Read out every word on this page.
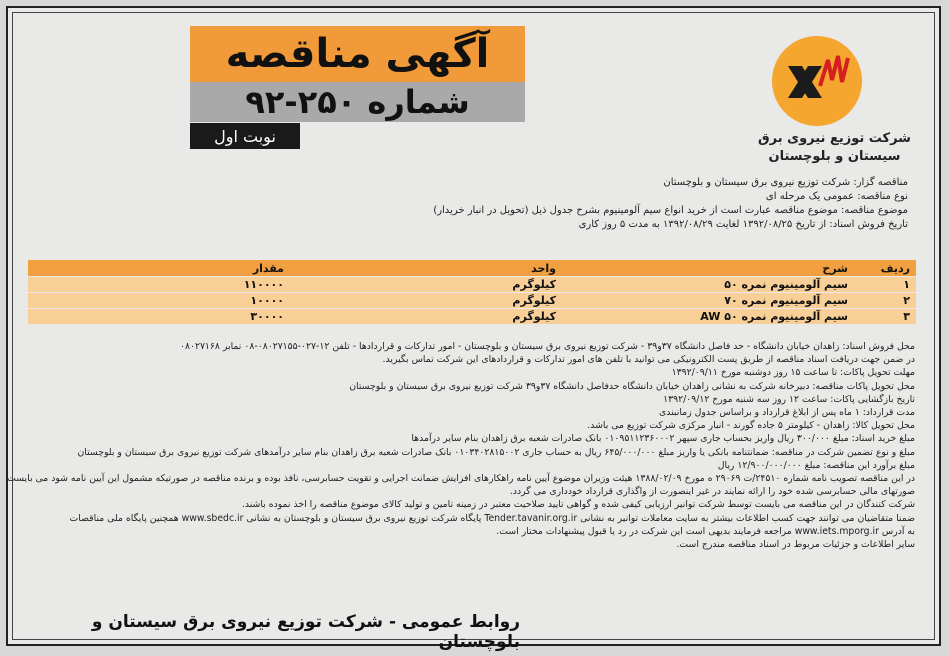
آگهی مناقصه
شماره ۲۵۰-۹۲
نوبت اول	شرکت توزیع نیروی برق
سیستان و بلوچستان
مناقصه گزار: شرکت توزیع نیروی برق سیستان و بلوچستان
نوع مناقصه: عمومی یک مرحله ای
موضوع مناقصه: موضوع مناقصه عبارت است از خرید انواع سیم آلومینیوم بشرح جدول ذیل (تحویل در انبار خریدار)
تاریخ فروش اسناد: از تاریخ ۱۳۹۲/۰۸/۲۵ لغایت ۱۳۹۲/۰۸/۲۹ به مدت ۵ روز کاری
ردیف	شرح	واحد	مقدار
۱	سیم آلومینیوم نمره ۵۰	کیلوگرم	۱۱۰۰۰۰
۲	سیم آلومینیوم نمره ۷۰	کیلوگرم	۱۰۰۰۰
۳	سیم آلومینیوم نمره ۵۰ AW	کیلوگرم	۳۰۰۰۰
محل فروش اسناد: زاهدان خیابان دانشگاه - حد فاصل دانشگاه ۳۷و۳۹ - شرکت توزیع نیروی برق سیستان و بلوچستان - امور تدارکات و قراردادها - تلفن ۱۲-۰۲۷-۰۸۰۲۷۱۵۵-۰۸ نمابر ۰۸۰۲۷۱۶۸
در ضمن جهت دریافت اسناد مناقصه از طریق پست الکترونیکی می توانید با تلفن های امور تدارکات و قراردادهای این شرکت تماس بگیرید.
مهلت تحویل پاکات: تا ساعت ۱۵ روز دوشنبه مورخ ۱۳۹۲/۰۹/۱۱
محل تحویل پاکات مناقصه: دبیرخانه شرکت به نشانی زاهدان خیابان دانشگاه حدفاصل دانشگاه ۳۷و۳۹ شرکت توزیع نیروی برق سیستان و بلوچستان
تاریخ بازگشایی پاکات: ساعت ۱۲ روز سه شنبه مورخ ۱۳۹۲/۰۹/۱۲
مدت قرارداد: ۱ ماه پس از ابلاغ قرارداد و براساس جدول زمانبندی
محل تحویل کالا: زاهدان - کیلومتر ۵ جاده گورند - انبار مرکزی شرکت توزیع می باشد.
مبلغ خرید اسناد: مبلغ ۳۰۰/۰۰۰ ریال واریز بحساب جاری سپهر ۰۱۰۹۵۱۱۲۳۶۰۰۰۲ بانک صادرات شعبه برق زاهدان بنام سایر درآمدها
مبلغ و نوع تضمین شرکت در مناقصه: ضمانتنامه بانکی یا واریز مبلغ ۶۴۵/۰۰۰/۰۰۰ ریال به حساب جاری ۰۱۰۳۴۰۲۸۱۵۰۰۲ بانک صادرات شعبه برق زاهدان بنام سایر درآمدهای شرکت توزیع نیروی برق سیستان و بلوچستان
مبلغ برآورد این مناقصه: مبلغ ۱۲/۹۰۰/۰۰۰/۰۰۰ ریال
در این مناقصه تصویب نامه شماره ۲۴۵۱۰/ت ۲۹۰۶۹ ه مورخ ۱۳۸۸/۰۲/۰۹ هیئت وزیران موضوع آیین نامه راهکارهای افزایش ضمانت اجرایی و تقویت حسابرسی، نافذ بوده و برنده مناقصه در صورتیکه مشمول این آیین نامه شود می بایست
صورتهای مالی حسابرسی شده خود را ارائه نمایند در غیر اینصورت از واگذاری قرارداد خودداری می گردد.
شرکت کنندگان در این مناقصه می بایست توسط شرکت توانیر ارزیابی کیفی شده و گواهی تایید صلاحیت معتبر در زمینه تامین و تولید کالای موضوع مناقصه را اخذ نموده باشند.
ضمنا متقاضیان می توانند جهت کسب اطلاعات بیشتر به سایت معاملات توانیر به نشانی Tender.tavanir.org.ir پایگاه شرکت توزیع نیروی برق سیستان و بلوچستان به نشانی www.sbedc.ir همچنین پایگاه ملی مناقصات
به آدرس www.iets.mporg.ir مراجعه فرمایند بدیهی است این شرکت در رد یا قبول پیشنهادات مختار است.
سایر اطلاعات و جزئیات مربوط در اسناد مناقصه مندرج است.
روابط عمومی - شرکت توزیع نیروی برق سیستان و بلوچستان
